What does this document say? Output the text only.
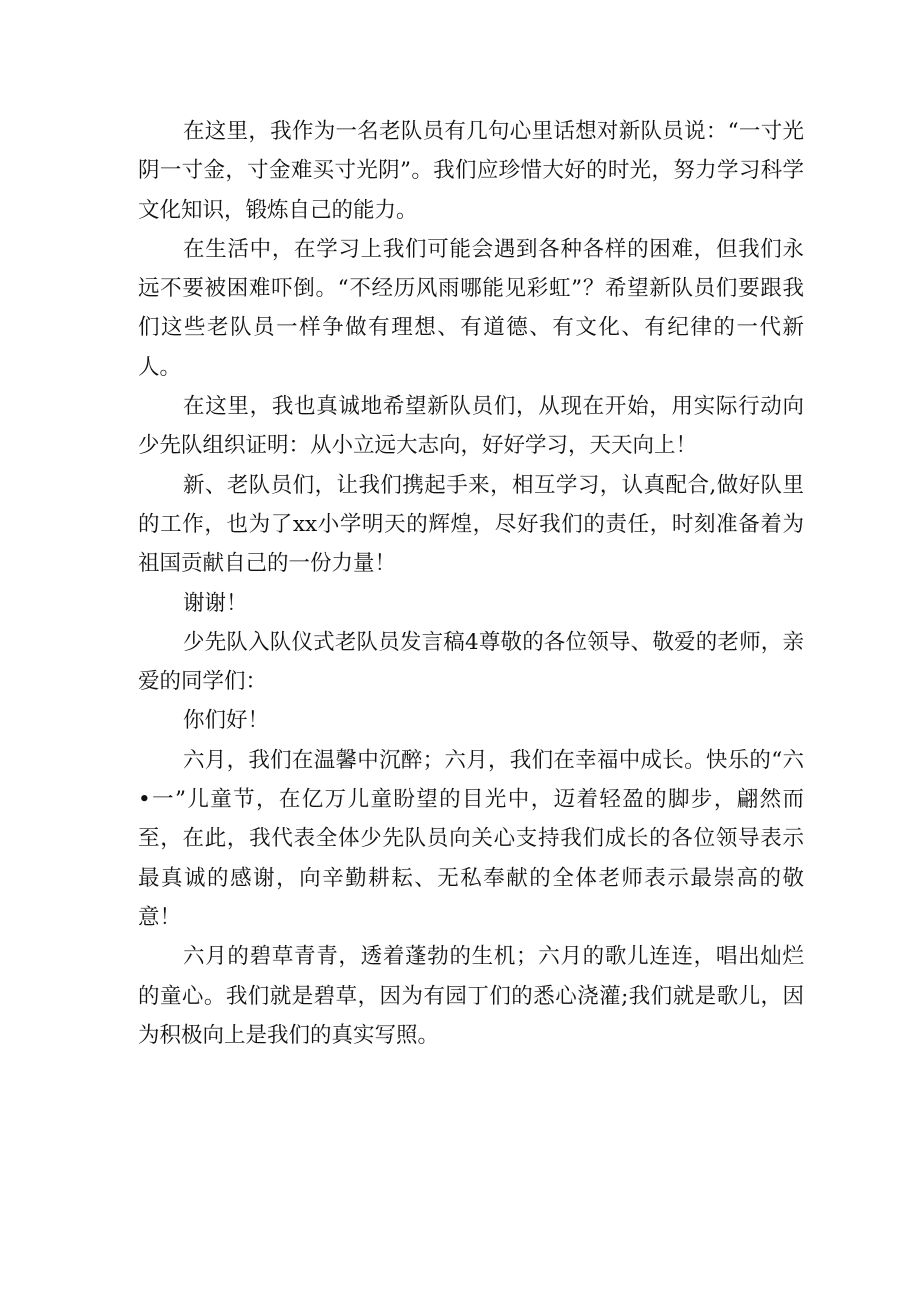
在这里，我作为一名老队员有几句心里话想对新队员说：“一寸光阴一寸金，寸金难买寸光阴”。我们应珍惜大好的时光，努力学习科学文化知识，锻炼自己的能力。

在生活中，在学习上我们可能会遇到各种各样的困难，但我们永远不要被困难吓倒。“不经历风雨哪能见彩虹”？希望新队员们要跟我们这些老队员一样争做有理想、有道德、有文化、有纪律的一代新人。

在这里，我也真诚地希望新队员们，从现在开始，用实际行动向少先队组织证明：从小立远大志向，好好学习，天天向上！

新、老队员们，让我们携起手来，相互学习，认真配合,做好队里的工作，也为了xx小学明天的辉煌，尽好我们的责任，时刻准备着为祖国贡献自己的一份力量！

谢谢！

少先队入队仪式老队员发言稿4尊敬的各位领导、敬爱的老师，亲爱的同学们：

你们好！

六月，我们在温馨中沉醉；六月，我们在幸福中成长。快乐的“六•一”儿童节，在亿万儿童盼望的目光中，迈着轻盈的脚步，翩然而至，在此，我代表全体少先队员向关心支持我们成长的各位领导表示最真诚的感谢，向辛勤耕耘、无私奉献的全体老师表示最崇高的敬意！

六月的碧草青青，透着蓬勃的生机；六月的歌儿连连，唱出灿烂的童心。我们就是碧草，因为有园丁们的悉心浇灌;我们就是歌儿，因为积极向上是我们的真实写照。
